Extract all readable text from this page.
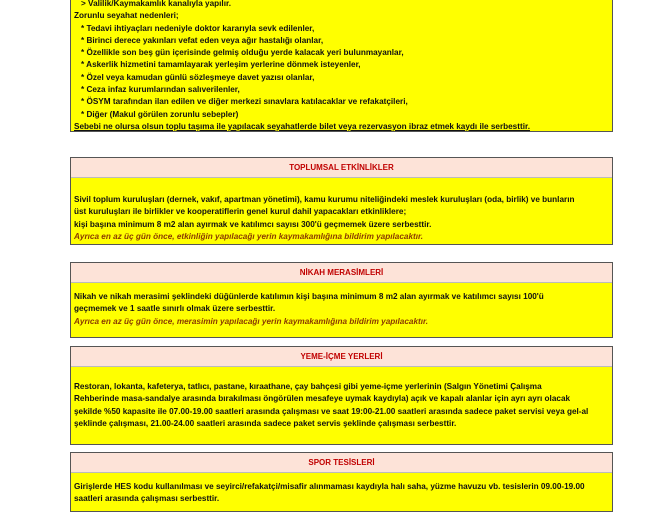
> Valilik/Kaymakamlık kanalıyla yapılır.
Zorunlu seyahat nedenleri;
* Tedavi ihtiyaçları nedeniyle doktor kararıyla sevk edilenler,
* Birinci derece yakınları vefat eden veya ağır hastalığı olanlar,
* Özellikle son beş gün içerisinde gelmiş olduğu yerde kalacak yeri bulunmayanlar,
* Askerlik hizmetini tamamlayarak yerleşim yerlerine dönmek isteyenler,
* Özel veya kamudan günlü sözleşmeye davet yazısı olanlar,
* Ceza infaz kurumlarından salıverilenler,
* ÖSYM tarafından ilan edilen ve diğer merkezi sınavlara katılacaklar ve refakatçileri,
* Diğer (Makul görülen zorunlu sebepler)
Sebebi ne olursa olsun toplu taşıma ile yapılacak seyahatlerde bilet veya rezervasyon ibraz etmek kaydı ile serbesttir.
TOPLUMSAL ETKİNLİKLER
Sivil toplum kuruluşları (dernek, vakıf, apartman yönetimi), kamu kurumu niteliğindeki meslek kuruluşları (oda, birlik) ve bunların
üst kuruluşları ile birlikler ve kooperatiflerin genel kurul dahil yapacakları etkinliklere;
kişi başına minimum 8 m2 alan ayırmak ve katılımcı sayısı 300'ü geçmemek üzere serbesttir.
Ayrıca en az üç gün önce, etkinliğin yapılacağı yerin kaymakamlığına bildirim yapılacaktır.
NİKAH MERASİMLERİ
Nikah ve nikah merasimi şeklindeki düğünlerde katılımın kişi başına minimum 8 m2 alan ayırmak ve katılımcı sayısı 100'ü
geçmemek ve 1 saatle sınırlı olmak üzere serbesttir.
Ayrıca en az üç gün önce, merasimin yapılacağı yerin kaymakamlığına bildirim yapılacaktır.
YEME-İÇME YERLERİ
Restoran, lokanta, kafeterya, tatlıcı, pastane, kıraathane, çay bahçesi gibi yeme-içme yerlerinin (Salgın Yönetimi Çalışma
Rehberinde masa-sandalye arasında bırakılması öngörülen mesafeye uymak kaydıyla) açık ve kapalı alanlar için ayrı ayrı olacak
şekilde %50 kapasite ile 07.00-19.00 saatleri arasında çalışması ve saat 19:00-21.00 saatleri arasında sadece paket servisi veya gel-al
şeklinde çalışması, 21.00-24.00 saatleri arasında sadece paket servis şeklinde çalışması serbesttir.
SPOR TESİSLERİ
Girişlerde HES kodu kullanılması ve seyirci/refakatçi/misafir alınmaması kaydıyla halı saha, yüzme havuzu vb. tesislerin 09.00-19.00
saatleri arasında çalışması serbesttir.
